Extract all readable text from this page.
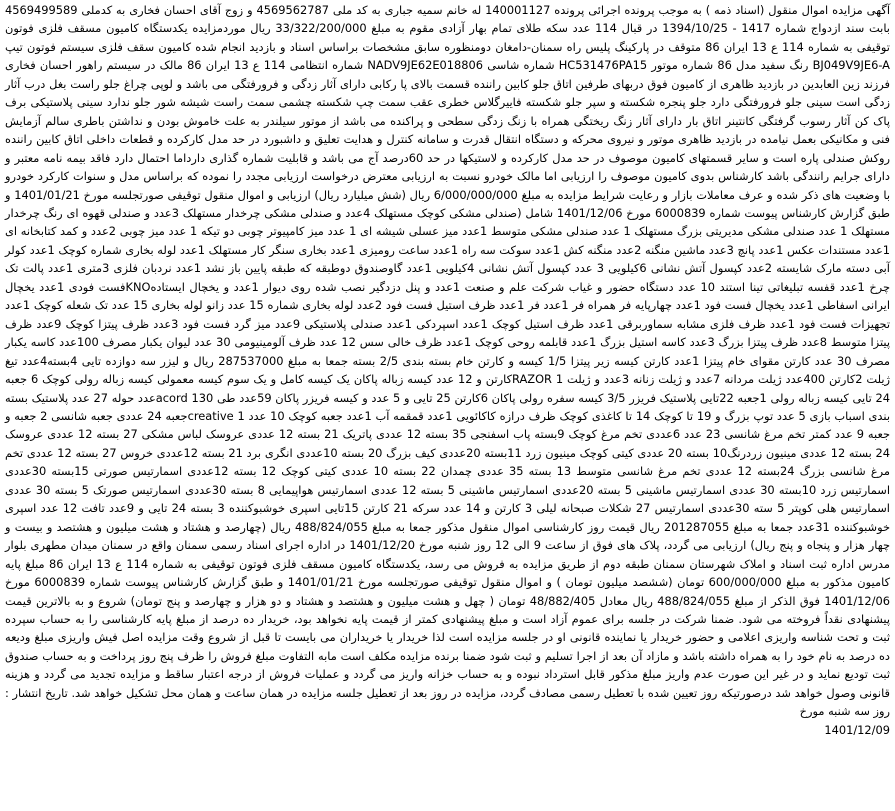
آگهی مزایده اموال منقول (اسناد ذمه ) به موجب پرونده اجرائی پرونده 140001127 له خانم سمیه جباری به کد ملی 4569562787 و زوج آقای احسان فخاری به کدملی 4569499589 بابت سند ازدواج شماره 1417 - 1394/10/25 در قبال 114 عدد سکه طلای تمام بهار آزادی مقوم به مبلغ 33/322/200/000 ریال موردمزایده یکدستگاه کامیون مسقف فلزی فوتون توقیفی به شماره 114 ع 13 ایران 86 متوقف در پارکینگ پلیس راه سمنان-دامغان دومنظوره سابق مشخصات براساس اسناد و بازدید انجام شده کامیون سقف فلزی سیستم فوتون تیپ BJ049V9JE6-A رنگ سفید مدل 86 شماره موتور HC531476PA15 شماره شاسی NADV9JE62E018806 شماره انتظامی 114 ع 13 ایران 86 مالک در سیستم راهور احسان فخاری فرزند زین العابدین در بازدید ظاهری از کامیون فوق دربهای طرفین اتاق جلو کابین راننده قسمت بالای پا رکابی دارای آثار زدگی و فرورفتگی می باشد و لوپی چراغ جلو راست بغل درب آثار زدگی است سینی جلو فرورفتگی دارد جلو پنجره شکسته و سپر جلو شکسته فاییرگلاس خطری عقب سمت چپ شکسته چشمی سمت راست شیشه شور جلو ندارد سینی پلاستیکی برف پاک کن آثار رسوب گرفتگی کانتینر اتاق بار دارای آثار زنگ ریختگی همراه با زنگ زدگی سطحی و پراکنده می باشد از موتور سیلندر به علت خاموش بودن و نداشتن باطری سالم آزمایش فنی و مکانیکی بعمل نیامده در بازدید ظاهری موتور و نیروی محرکه و دستگاه انتقال قدرت و سامانه کنترل و هدایت تعلیق و داشبورد در حد مدل کارکرده و قطعات داخلی اتاق کابین راننده روکش صندلی پاره است و سایر قسمتهای کامیون موصوف در حد مدل کارکرده و لاستیکها در حد 60درصد آج می باشد و قابلیت شماره گذاری دارداما احتمال دارد فاقد بیمه نامه معتبر و دارای جرایم رانندگی باشد کارشناس بدوی کامیون موصوف را ارزیابی اما مالک خودرو نسبت به ارزیابی معترض درخواست ارزیابی مجدد را نموده که براساس مدل و سنوات کارکرد خودرو با وضعیت های ذکر شده و عرف معاملات بازار و رعایت شرایط مزایده به مبلغ 6/000/000/000 ریال (شش میلیارد ریال) ارزیابی و اموال منقول توقیفی صورتجلسه مورخ 1401/01/21 و طبق گزارش کارشناس پیوست شماره 6000839 مورخ 1401/12/06 شامل (صندلی مشکی کوچک مستهلک 4عدد و صندلی مشکی چرخدار مستهلک 3عدد و صندلی قهوه ای رنگ چرخدار مستهلک 1 عدد صندلی مشکی مدیریتی بزرگ مستهلک 1 عدد صندلی مشکی متوسط 1عدد میز عسلی شیشه ای 1 عدد میز کامپیوتر چوبی دو تیکه 1 عدد میز چوبی 2عدد و کمد کتابخانه ای 1عدد مستندات عکس 1عدد پانچ 3عدد ماشین منگنه 2عدد منگنه کش 1عدد سوکت سه راه 1عدد ساعت رومیزی 1عدد بخاری سنگر کار مستهلک 1عدد لوله بخاری شماره کوچک 1عدد کولر آبی دسته مارک شایسته 2عدد کپسول آتش نشانی 6کیلویی 3 عدد کپسول آتش نشانی 4کیلویی 1عدد گاوصندوق دوطبقه که طبقه پایین باز نشد 1عدد نردبان فلزی 3متری 1عدد پالت تک چرخ 1عدد قفسه تبلیغاتی تینا استند 10 عدد دستگاه حضور و غیاب شرکت علم و صنعت 1عدد و پنل دزدگیر نصب شده روی دیوار 1عدد و یخچال ایستادهKNOفست فودی 1عدد یخچال ایرانی اسفاطی 1عدد یخچال فست فود 1عدد چهارپایه فر همراه فر 1عدد فر 1عدد ظرف استیل فست فود 2عدد لوله بخاری شماره 15 عدد زانو لوله بخاری 15 عدد تک شعله کوچک 1عدد تجهیزات فست فود 1عدد ظرف فلزی مشابه سماوربرقی 1عدد ظرف استیل کوچک 1عدد اسپردکی 1عدد صندلی پلاستیکی 9عدد میز گرد فست فود 3عدد ظرف پیتزا کوچک 9عدد ظرف پیتزا متوسط 8عدد ظرف پیتزا بزرگ 3عدد کاسه استیل بزرگ 1عدد قابلمه روحی کوچک 1عدد ظرف خالی سس 12 عدد ظرف آلومینیومی 30 عدد لیوان یکبار مصرف 100عدد کاسه یکبار مصرف 30 عدد کارتن مقوای خام پیتزا 1عدد کارتن کیسه زیر پیتزا 1/5 کیسه و کارتن خام بسته بندی 2/5 بسته جمعا به مبلغ 287537000 ریال و لیزر سه دوازده تایی 4بسته4عدد تیغ ژیلت 2کارتن 400عدد ژیلت مردانه 7عدد و ژیلت زنانه 3عدد و ژیلت 1 RAZORکارتن و 12 عدد کیسه زباله پاکان یک کیسه کامل و یک سوم کیسه معمولی کیسه زباله رولی کوچک 6 جعبه 24 تایی کیسه زباله رولی 1جعبه 22تایی پلاستیک فریزر 3/5 کیسه سفره رولی پاکان 6کارتن 25 تایی و 5 عدد و کیسه فریزر پاکان 59عدد طی 130 acordعدد حوله 27 عدد پلاستیک بسته بندی اسباب بازی 5 عدد توپ بزرگ و 19 تا کوچک 14 تا کاغذی کوچک ظرف درازه کاکائویی 1عدد قمقمه آب 1عدد جعبه کوچک 10 عدد 1 creativeجعبه 24 عددی جعبه شانسی 2 جعبه و جعبه 9 عدد کمتر تخم مرغ شانسی 23 عدد 6عددی تخم مرغ کوچک 9بسته پاب اسفنجی 35 بسته 12 عددی پاتریک 21 بسته 12 عددی عروسک لباس مشکی 27 بسته 12 عددی عروسک 24 بسته 12 عددی مینیون زردرنگ10 بسته 20 عددی کیتی کوچک مینیون زرد 11بسته 20عددی کیف بزرگ 20 بسته 10عددی انگری برد 21 بسته 12عددی خروس 27 بسته 12 عددی تخم مرغ شانسی بزرگ 24بسته 12 عددی تخم مرغ شانسی متوسط 13 بسته 35 عددی چمدان 22 بسته 10 عددی کیتی کوچک 12 بسته 12عددی اسمارتیس صورتی 15بسته 30عددی اسمارتیس زرد 10بسته 30 عددی اسمارتیس ماشینی 5 بسته 20عددی اسمارتیس ماشینی 5 بسته 12 عددی اسمارتیس هواپیمایی 8 بسته 30عددی اسمارتیس صورتک 5 بسته 30 عددی اسمارتیس هلی کوپتر 5 سته 30عددی اسمارتیس 27 شکلات صبحانه لیلی 3 کارتن و 14 عدد سرکه 21 کارتن 15تایی اسپری خوشبوکننده 3 بسته 24 تایی و 9عدد تافت 12 عدد اسپری خوشبوکننده 31عدد جمعا به مبلغ 201287055 ریال قیمت روز کارشناسی اموال منقول مذکور جمعا به مبلغ 488/824/055 ریال (چهارصد و هشتاد و هشت میلیون و هشتصد و بیست و چهار هزار و پنجاه و پنج ریال) ارزیابی می گردد، پلاک های فوق از ساعت 9 الی 12 روز شنبه مورخ 1401/12/20 در اداره اجرای اسناد رسمی سمنان واقع در سمنان میدان مطهری بلوار مدرس اداره ثبت اسناد و املاک شهرستان سمنان طبقه دوم از طریق مزایده به فروش می رسد، یکدستگاه کامیون مسقف فلزی فوتون توقیفی به شماره 114 ع 13 ایران 86 مبلغ پایه کامیون مذکور به مبلغ 600/000/000 تومان (ششصد میلیون تومان ) و اموال منقول توقیفی صورتجلسه مورخ 1401/01/21 و طبق گزارش کارشناس پیوست شماره 6000839 مورخ 1401/12/06 فوق الذکر از مبلغ 488/824/055 ریال معادل 48/882/405 تومان ( چهل و هشت میلیون و هشتصد و هشتاد و دو هزار و چهارصد و پنج تومان) شروع و به بالاترین قیمت پیشنهادی نقداً فروخته می شود. ضمنا شرکت در جلسه برای عموم آزاد است و مبلغ پیشنهادی کمتر از قیمت پایه نخواهد بود، خریدار ده درصد از مبلغ پایه کارشناسی را به حساب سپرده ثبت و تحت شناسه واریزی اعلامی و حضور خریدار یا نماینده قانونی او در جلسه مزایده است لذا خریدار یا خریداران می بایست تا قبل از شروع وقت مزایده اصل فیش واریزی مبلغ ودیعه ده درصد به نام خود را به همراه داشته باشد و مازاد آن بعد از اجرا تسلیم و ثبت شود ضمنا برنده مزایده مکلف است مابه التفاوت مبلغ فروش را ظرف پنج روز پرداخت و به حساب صندوق ثبت تودیع نماید و در غیر این صورت عدم واریز مبلغ مذکور قابل استرداد نبوده و به حساب خزانه واریز می گردد و عملیات فروش از درجه اعتبار ساقط و مزایده تجدید می گردد و هزینه قانونی وصول خواهد شد درصورتیکه روز تعیین شده با تعطیل رسمی مصادف گردد، مزایده در روز بعد از تعطیل جلسه مزایده در همان ساعت و همان محل تشکیل خواهد شد. تاریخ انتشار : روز سه شنبه مورخ
1401/12/09
